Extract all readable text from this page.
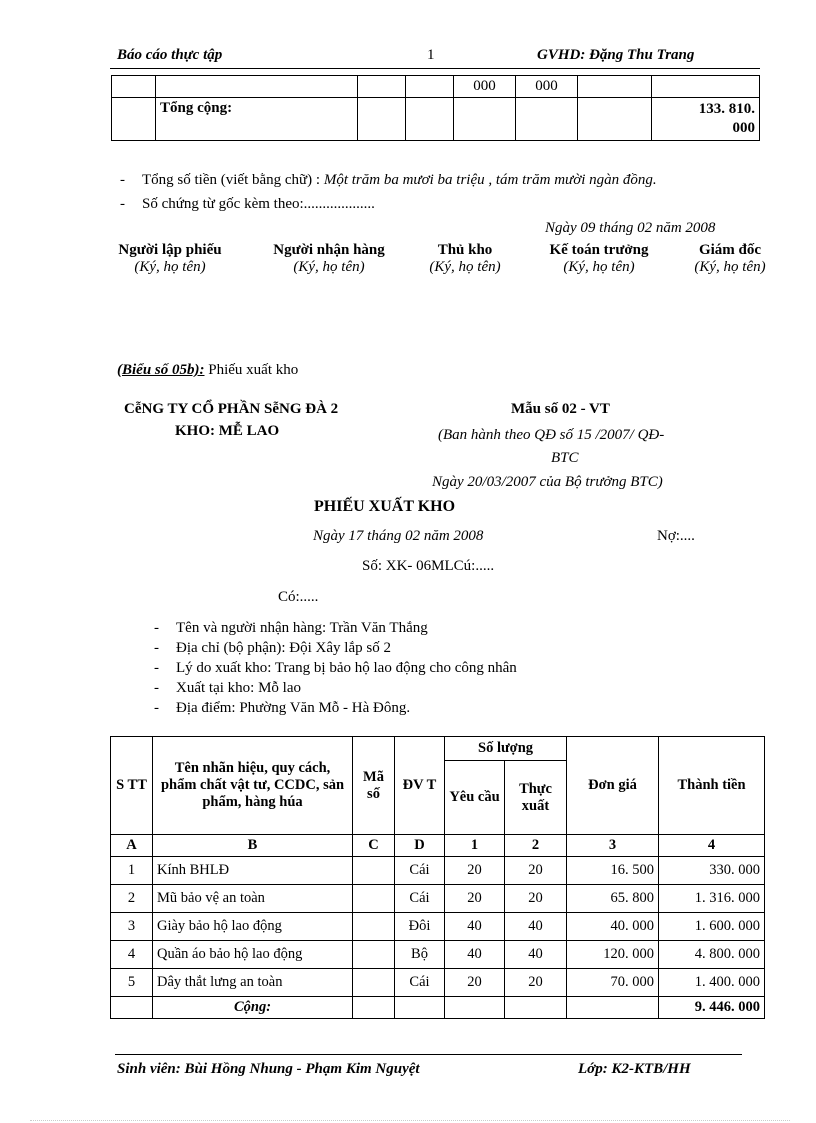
Báo cáo thực tập	1	GVHD: Đặng Thu Trang
				000	000		
	Tổng cộng:						133. 810.
000
- Tổng số tiền (viết bằng chữ) : Một trăm ba mươi ba triệu , tám trăm mười ngàn đồng.
- Số chứng từ gốc kèm theo:...................
Ngày 09 tháng 02 năm 2008
Người lập phiếu
(Ký, họ tên)
Người nhận hàng
(Ký, họ tên)
Thủ kho
(Ký, họ tên)
Kế toán trưởng
(Ký, họ tên)
Giám đốc
(Ký, họ tên)
(Biểu số 05b): Phiếu xuất kho
CễNG TY CỔ PHẦN SễNG ĐÀ 2
KHO: MỄ LAO
Mẫu số 02 - VT
(Ban hành theo QĐ số 15 /2007/ QĐ-
BTC
Ngày 20/03/2007 của Bộ trưởng BTC)
PHIẾU XUẤT KHO
Ngày 17 tháng 02 năm 2008	Nợ:....
Số: XK- 06MLCú:.....
Có:.....
- Tên và người nhận hàng: Trần Văn Thắng
- Địa chỉ (bộ phận): Đội Xây lắp số 2
- Lý do xuất kho: Trang bị bảo hộ lao động cho công nhân
- Xuất tại kho: Mỗ lao
- Địa điểm: Phường Văn Mỗ - Hà Đông.
S TT	Tên nhãn hiệu, quy cách, phẩm chất vật tư, CCDC, sản phẩm, hàng húa	Mã số	ĐV T	Số lượng		Đơn giá	Thành tiền
				Yêu cầu	Thực xuất		
A	B	C	D	1	2	3	4
1	Kính BHLĐ		Cái	20	20	16. 500	330. 000
2	Mũ bảo vệ an toàn		Cái	20	20	65. 800	1. 316. 000
3	Giày bảo hộ lao động		Đôi	40	40	40. 000	1. 600. 000
4	Quần áo bảo hộ lao động		Bộ	40	40	120. 000	4. 800. 000
5	Dây thắt lưng an toàn		Cái	20	20	70. 000	1. 400. 000
	Cộng:						9. 446. 000
Sinh viên: Bùi Hồng Nhung - Phạm Kim Nguyệt	Lớp: K2-KTB/HH
